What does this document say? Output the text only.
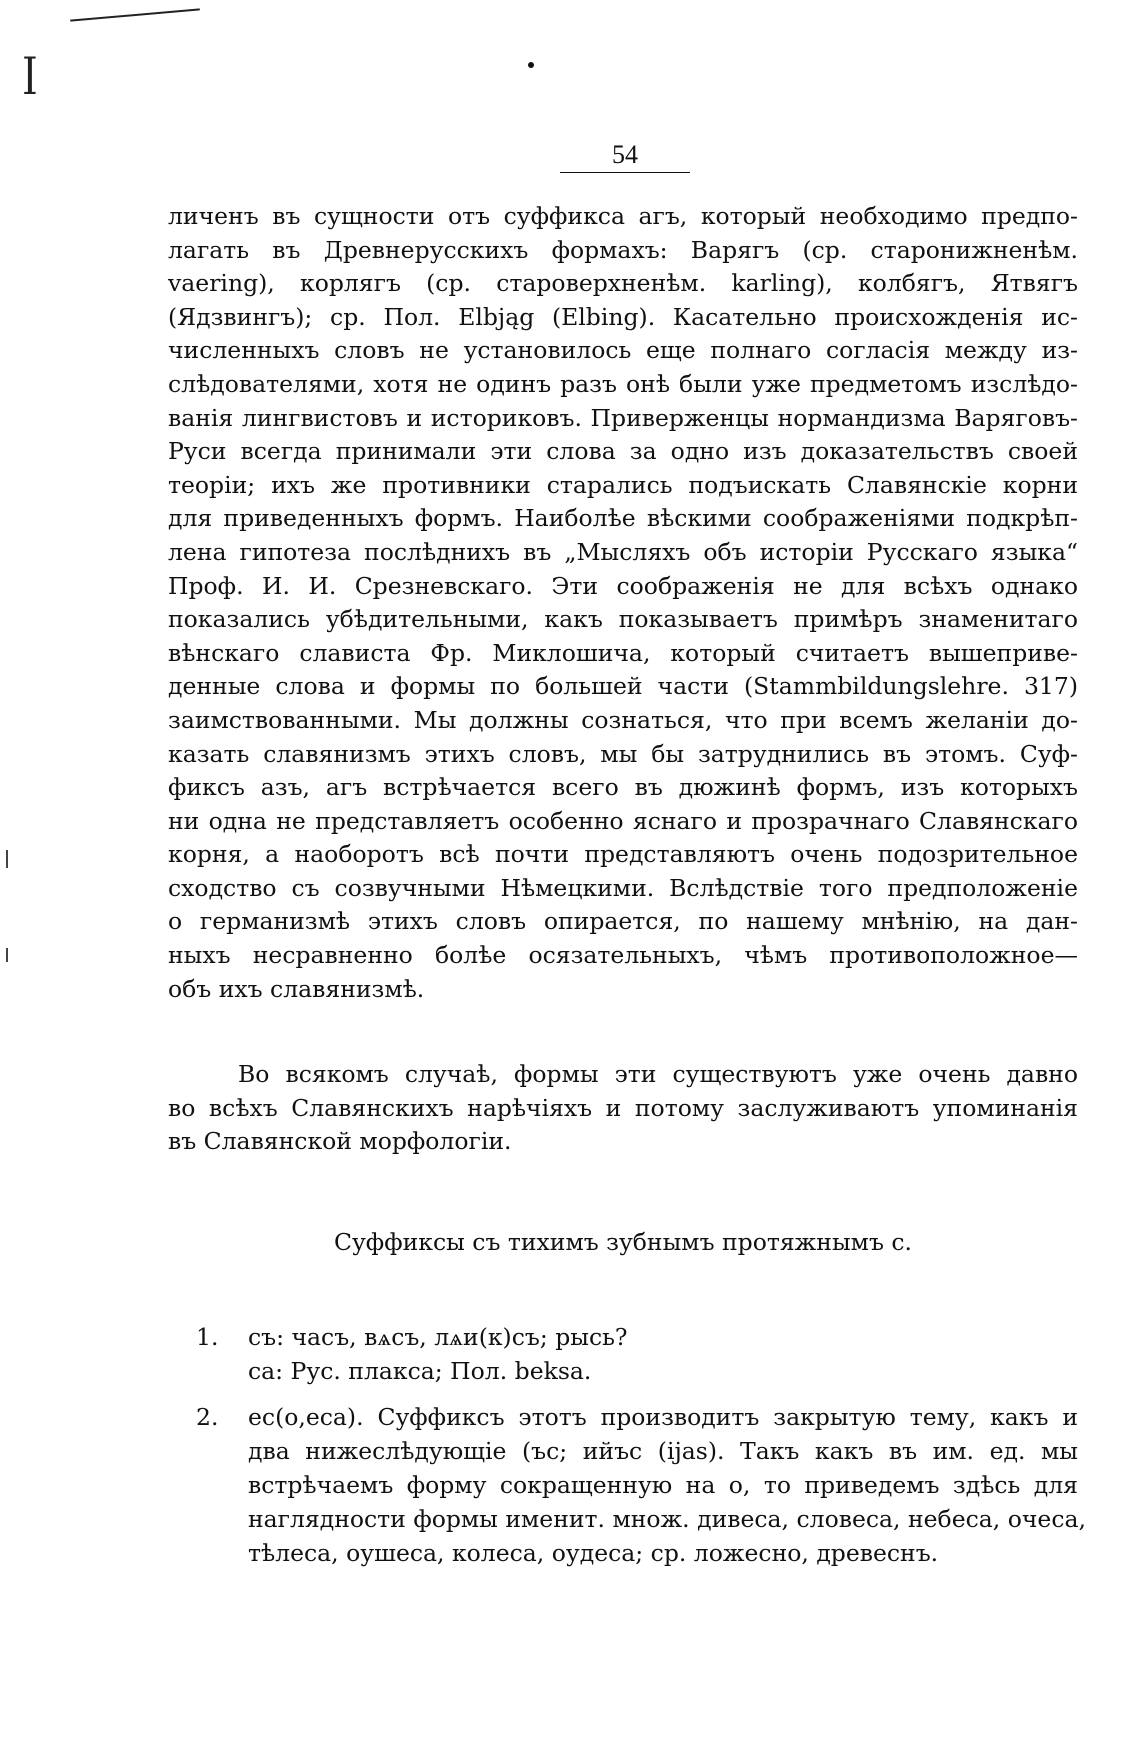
ꟾ
54
личенъ въ сущности отъ суффикса агъ, который необходимо предпо-
лагать въ Древнерусскихъ формахъ: Варягъ (ср. старонижненѣм.
vaering), корлягъ (ср. староверхненѣм. karling), колбягъ, Ятвягъ
(Ядзвингъ); ср. Пол. Elbjąg (Elbing). Касательно происхожденія ис-
численныхъ словъ не установилось еще полнаго согласія между из-
слѣдователями, хотя не одинъ разъ онѣ были уже предметомъ изслѣдо-
ванія лингвистовъ и историковъ. Приверженцы нормандизма Варяговъ-
Руси всегда принимали эти слова за одно изъ доказательствъ своей
теоріи; ихъ же противники старались подъискать Славянскіе корни
для приведенныхъ формъ. Наиболѣе вѣскими соображеніями подкрѣп-
лена гипотеза послѣднихъ въ „Мысляхъ объ исторіи Русскаго языка“
Проф. И. И. Срезневскаго. Эти соображенія не для всѣхъ однако
показались убѣдительными, какъ показываетъ примѣръ знаменитаго
вѣнскаго слависта Фр. Миклошича, который считаетъ вышеприве-
денные слова и формы по большей части (Stammbildungslehre. 317)
заимствованными. Мы должны сознаться, что при всемъ желаніи до-
казать славянизмъ этихъ словъ, мы бы затруднились въ этомъ. Суф-
фиксъ азъ, агъ встрѣчается всего въ дюжинѣ формъ, изъ которыхъ
ни одна не представляетъ особенно яснаго и прозрачнаго Славянскаго
корня, а наоборотъ всѣ почти представляютъ очень подозрительное
сходство съ созвучными Нѣмецкими. Вслѣдствіе того предположеніе
о германизмѣ этихъ словъ опирается, по нашему мнѣнію, на дан-
ныхъ несравненно болѣе осязательныхъ, чѣмъ противоположное—
объ ихъ славянизмѣ.
Во всякомъ случаѣ, формы эти существуютъ уже очень давно
во всѣхъ Славянскихъ нарѣчіяхъ и потому заслуживаютъ упоминанія
въ Славянской морфологіи.
Суффиксы съ тихимъ зубнымъ протяжнымъ с.
1. съ: часъ, вѧсъ, лѧи(к)съ; рысь?
са: Рус. плакса; Пол. beksa.
2. ес(о,еса). Суффиксъ этотъ производитъ закрытую тему, какъ и
два нижеслѣдующіе (ъс; ийъс (ijas). Такъ какъ въ им. ед. мы
встрѣчаемъ форму сокращенную на о, то приведемъ здѣсь для
наглядности формы именит. множ. дивеса, словеса, небеса, очеса,
тѣлеса, оушеса, колеса, оудеса; ср. ложесно, древеснъ.
